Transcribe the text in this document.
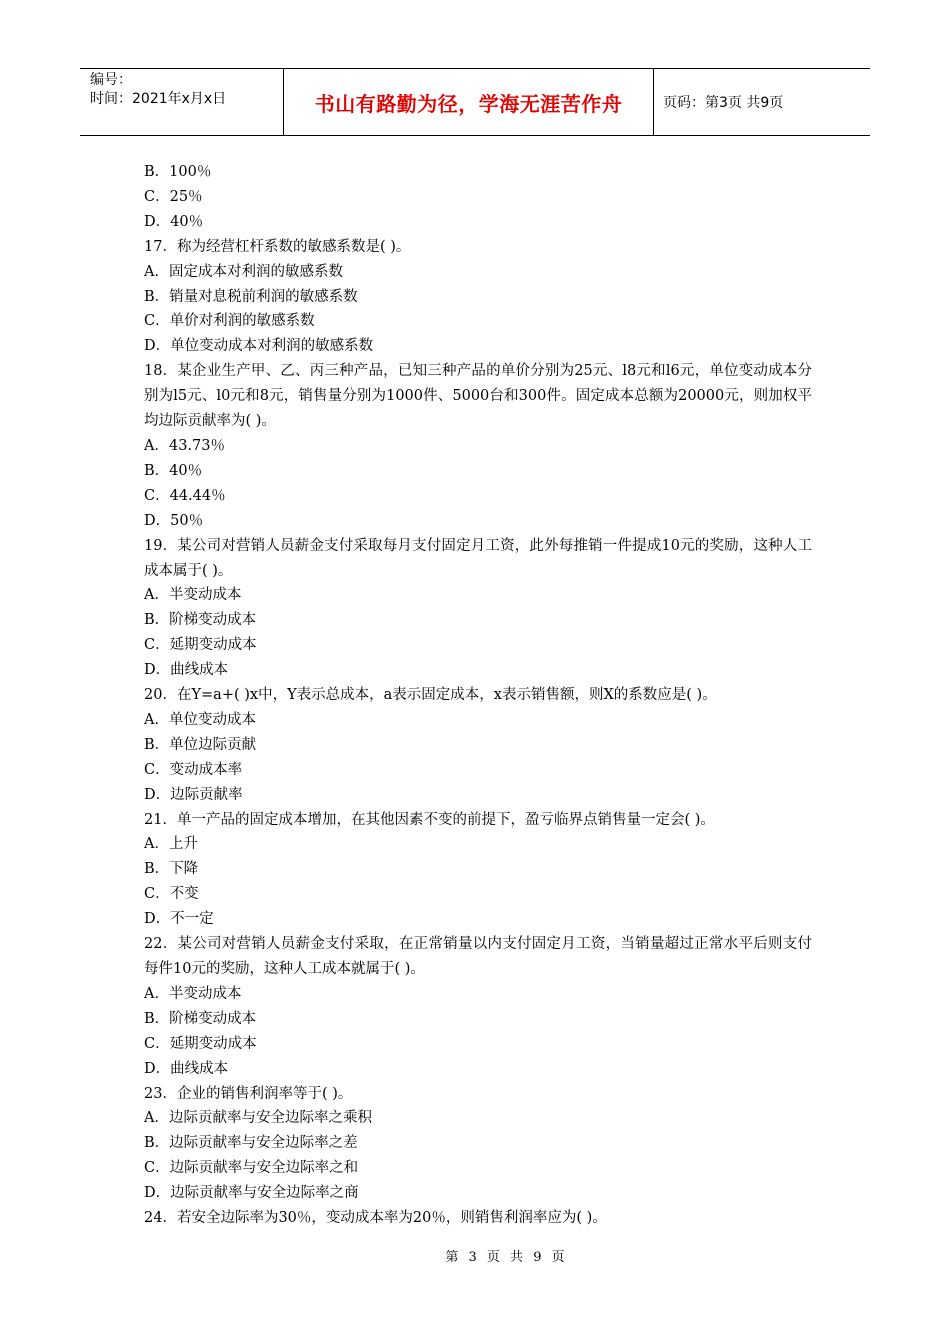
编号：
时间：2021年x月x日	书山有路勤为径，学海无涯苦作舟	页码：第3页 共9页
B．100％
C．25％
D．40％
17．称为经营杠杆系数的敏感系数是( )。
A．固定成本对利润的敏感系数
B．销量对息税前利润的敏感系数
C．单价对利润的敏感系数
D．单位变动成本对利润的敏感系数
18．某企业生产甲、乙、丙三种产品，已知三种产品的单价分别为25元、l8元和l6元，单位变动成本分别为l5元、l0元和8元，销售量分别为1000件、5000台和300件。固定成本总额为20000元，则加权平均边际贡献率为( )。
A．43.73％
B．40％
C．44.44％
D．50％
19．某公司对营销人员薪金支付采取每月支付固定月工资，此外每推销一件提成10元的奖励，这种人工成本属于( )。
A．半变动成本
B．阶梯变动成本
C．延期变动成本
D．曲线成本
20．在Y=a+( )x中，Y表示总成本，a表示固定成本，x表示销售额，则X的系数应是( )。
A．单位变动成本
B．单位边际贡献
C．变动成本率
D．边际贡献率
21．单一产品的固定成本增加，在其他因素不变的前提下，盈亏临界点销售量一定会( )。
A．上升
B．下降
C．不变
D．不一定
22．某公司对营销人员薪金支付采取，在正常销量以内支付固定月工资，当销量超过正常水平后则支付每件10元的奖励，这种人工成本就属于( )。
A．半变动成本
B．阶梯变动成本
C．延期变动成本
D．曲线成本
23．企业的销售利润率等于( )。
A．边际贡献率与安全边际率之乘积
B．边际贡献率与安全边际率之差
C．边际贡献率与安全边际率之和
D．边际贡献率与安全边际率之商
24．若安全边际率为30％，变动成本率为20％，则销售利润率应为( )。
第 3 页 共 9 页
